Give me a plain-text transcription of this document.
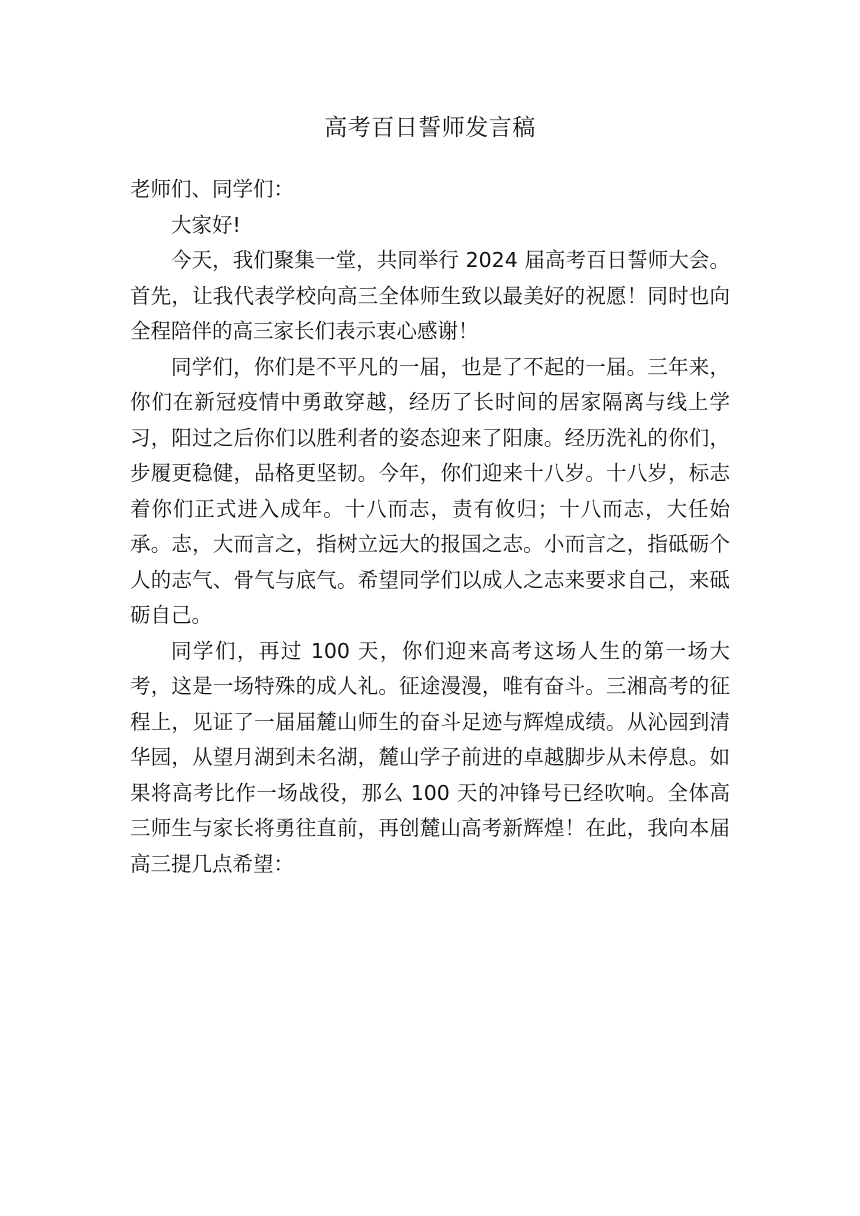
高考百日誓师发言稿

老师们、同学们：

大家好!

今天，我们聚集一堂，共同举行 2024 届高考百日誓师大会。首先，让我代表学校向高三全体师生致以最美好的祝愿！同时也向全程陪伴的高三家长们表示衷心感谢！

同学们，你们是不平凡的一届，也是了不起的一届。三年来，你们在新冠疫情中勇敢穿越，经历了长时间的居家隔离与线上学习，阳过之后你们以胜利者的姿态迎来了阳康。经历洗礼的你们，步履更稳健，品格更坚韧。今年，你们迎来十八岁。十八岁，标志着你们正式进入成年。十八而志，责有攸归；十八而志，大任始承。志，大而言之，指树立远大的报国之志。小而言之，指砥砺个人的志气、骨气与底气。希望同学们以成人之志来要求自己，来砥砺自己。

同学们，再过 100 天，你们迎来高考这场人生的第一场大考，这是一场特殊的成人礼。征途漫漫，唯有奋斗。三湘高考的征程上，见证了一届届麓山师生的奋斗足迹与辉煌成绩。从沁园到清华园，从望月湖到未名湖，麓山学子前进的卓越脚步从未停息。如果将高考比作一场战役，那么 100 天的冲锋号已经吹响。全体高三师生与家长将勇往直前，再创麓山高考新辉煌！在此，我向本届高三提几点希望：
